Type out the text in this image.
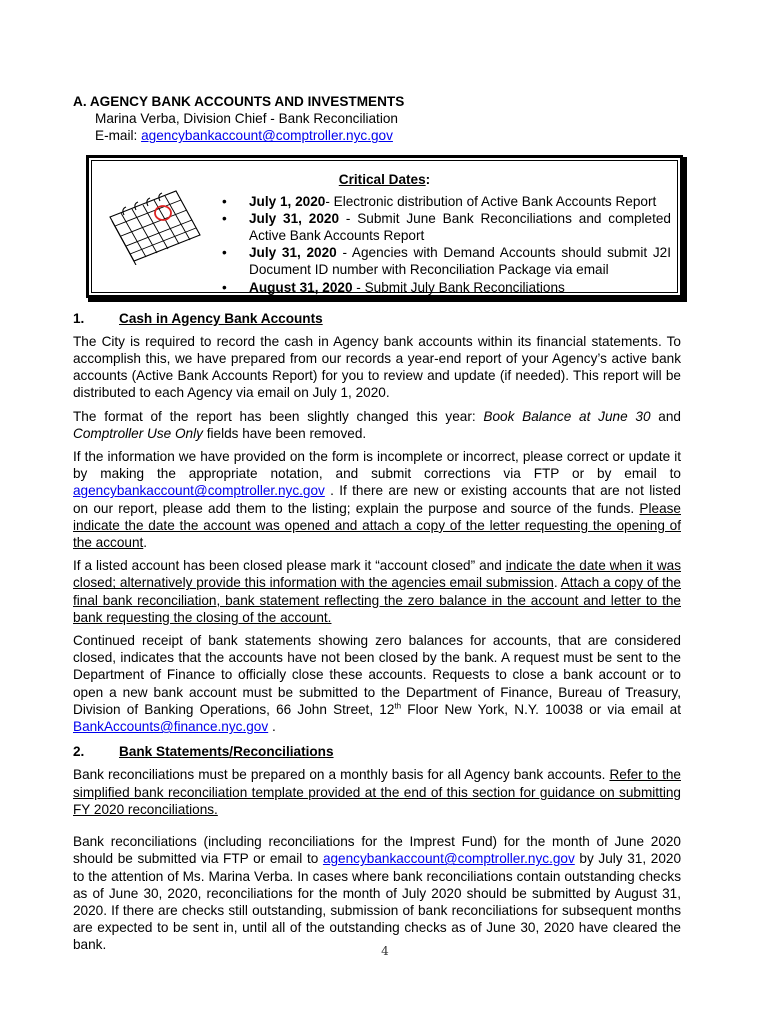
A. AGENCY BANK ACCOUNTS AND INVESTMENTS

Marina Verba, Division Chief - Bank Reconciliation

E-mail: agencybankaccount@comptroller.nyc.gov

Critical Dates:
• July 1, 2020- Electronic distribution of Active Bank Accounts Report
• July 31, 2020 - Submit June Bank Reconciliations and completed Active Bank Accounts Report
• July 31, 2020 - Agencies with Demand Accounts should submit J2I Document ID number with Reconciliation Package via email
• August 31, 2020 - Submit July Bank Reconciliations
1.	Cash in Agency Bank Accounts

The City is required to record the cash in Agency bank accounts within its financial statements. To accomplish this, we have prepared from our records a year-end report of your Agency’s active bank accounts (Active Bank Accounts Report) for you to review and update (if needed). This report will be distributed to each Agency via email on July 1, 2020.

The format of the report has been slightly changed this year: Book Balance at June 30 and Comptroller Use Only fields have been removed.

If the information we have provided on the form is incomplete or incorrect, please correct or update it by making the appropriate notation, and submit corrections via FTP or by email to agencybankaccount@comptroller.nyc.gov . If there are new or existing accounts that are not listed on our report, please add them to the listing; explain the purpose and source of the funds. Please indicate the date the account was opened and attach a copy of the letter requesting the opening of the account.

If a listed account has been closed please mark it “account closed” and indicate the date when it was closed; alternatively provide this information with the agencies email submission. Attach a copy of the final bank reconciliation, bank statement reflecting the zero balance in the account and letter to the bank requesting the closing of the account.

Continued receipt of bank statements showing zero balances for accounts, that are considered closed, indicates that the accounts have not been closed by the bank. A request must be sent to the Department of Finance to officially close these accounts. Requests to close a bank account or to open a new bank account must be submitted to the Department of Finance, Bureau of Treasury, Division of Banking Operations, 66 John Street, 12th Floor New York, N.Y. 10038 or via email at BankAccounts@finance.nyc.gov .

2.	Bank Statements/Reconciliations

Bank reconciliations must be prepared on a monthly basis for all Agency bank accounts. Refer to the simplified bank reconciliation template provided at the end of this section for guidance on submitting FY 2020 reconciliations.

Bank reconciliations (including reconciliations for the Imprest Fund) for the month of June 2020 should be submitted via FTP or email to agencybankaccount@comptroller.nyc.gov by July 31, 2020 to the attention of Ms. Marina Verba. In cases where bank reconciliations contain outstanding checks as of June 30, 2020, reconciliations for the month of July 2020 should be submitted by August 31, 2020. If there are checks still outstanding, submission of bank reconciliations for subsequent months are expected to be sent in, until all of the outstanding checks as of June 30, 2020 have cleared the bank.	4
